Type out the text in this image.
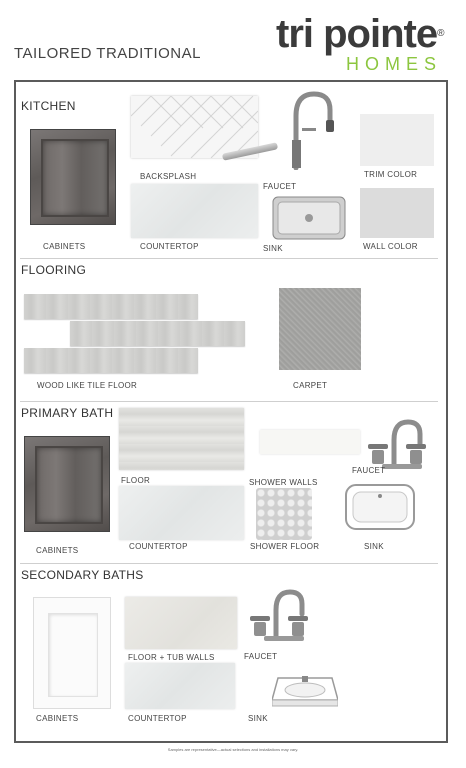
TAILORED TRADITIONAL tri pointe®
HOMES
KITCHEN
CABINETS
BACKSPLASH
FAUCET
TRIM COLOR
COUNTERTOP	SINK	WALL COLOR
FLOORING
WOOD LIKE TILE FLOOR	CARPET
PRIMARY BATH
CABINETS
FLOOR	SHOWER WALLS
FAUCET
COUNTERTOP	SHOWER FLOOR	SINK
SECONDARY BATHS
CABINETS
FLOOR + TUB WALLS	FAUCET
COUNTERTOP	SINK
Samples are representative—actual selections and installations may vary.
